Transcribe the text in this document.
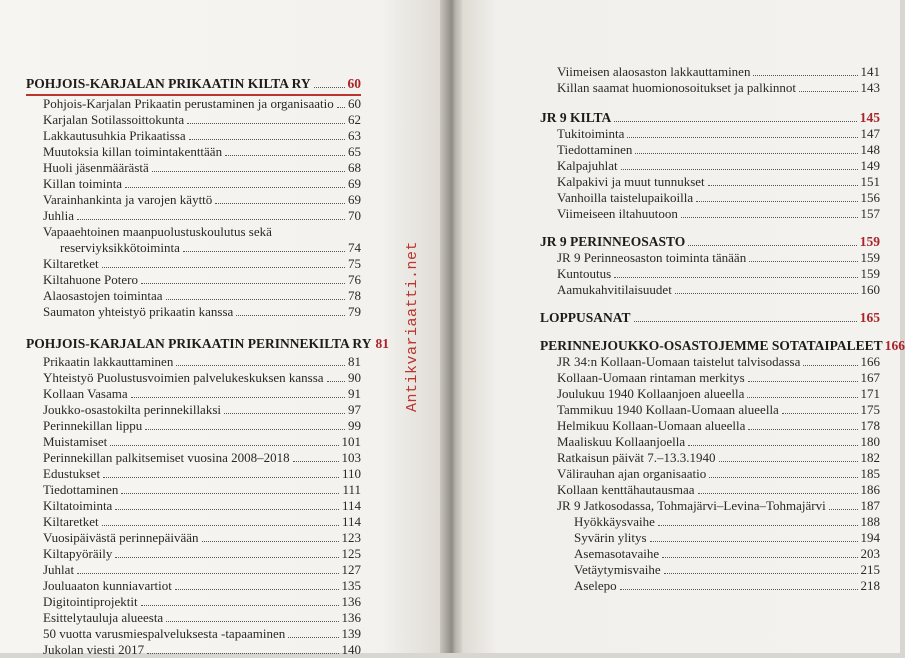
POHJOIS-KARJALAN PRIKAATIN KILTA RY	60
Pohjois-Karjalan Prikaatin perustaminen ja organisaatio 60
Karjalan Sotilassoittokunta	62
Lakkautusuhkia Prikaatissa	63
Muutoksia killan toimintakenttään	65
Huoli jäsenmäärästä	68
Killan toiminta	69
Varainhankinta ja varojen käyttö	69
Juhlia	70
Vapaaehtoinen maanpuolustuskoulutus sekä
reserviyksikkötoiminta	74
Kiltaretket	75
Kiltahuone Potero	76
Alaosastojen toimintaa	78
Saumaton yhteistyö prikaatin kanssa	79
POHJOIS-KARJALAN PRIKAATIN PERINNEKILTA RY 81
Prikaatin lakkauttaminen	81
Yhteistyö Puolustusvoimien palvelukeskuksen kanssa 90
Kollaan Vasama	91
Joukko-osastokilta perinnekillaksi	97
Perinnekillan lippu	99
Muistamiset	101
Perinnekillan palkitsemiset vuosina 2008–2018	103
Edustukset	110
Tiedottaminen	111
Kiltatoiminta	114
Kiltaretket	114
Vuosipäivästä perinnepäivään	123
Kiltapyöräily	125
Juhlat	127
Jouluaaton kunniavartiot	135
Digitointiprojektit	136
Esittelytauluja alueesta	136
50 vuotta varusmiespalveluksesta -tapaaminen	139
Jukolan viesti 2017	140
Antikvariaatti.net
Viimeisen alaosaston lakkauttaminen	141
Killan saamat huomionosoitukset ja palkinnot	143
JR 9 KILTA	145
Tukitoiminta	147
Tiedottaminen	148
Kalpajuhlat	149
Kalpakivi ja muut tunnukset	151
Vanhoilla taistelupaikoilla	156
Viimeiseen iltahuutoon	157
JR 9 PERINNEOSASTO	159
JR 9 Perinneosaston toiminta tänään	159
Kuntoutus	159
Aamukahvitilaisuudet	160
LOPPUSANAT	165
PERINNEJOUKKO-OSASTOJEMME SOTATAIPALEET 166
JR 34:n Kollaan-Uomaan taistelut talvisodassa	166
Kollaan-Uomaan rintaman merkitys	167
Joulukuu 1940 Kollaanjoen alueella	171
Tammikuu 1940 Kollaan-Uomaan alueella	175
Helmikuu Kollaan-Uomaan alueella	178
Maaliskuu Kollaanjoella	180
Ratkaisun päivät 7.–13.3.1940	182
Välirauhan ajan organisaatio	185
Kollaan kenttähautausmaa	186
JR 9 Jatkosodassa, Tohmajärvi–Levina–Tohmajärvi	187
Hyökkäysvaihe	188
Syvärin ylitys	194
Asemasotavaihe	203
Vetäytymisvaihe	215
Aselepo	218
